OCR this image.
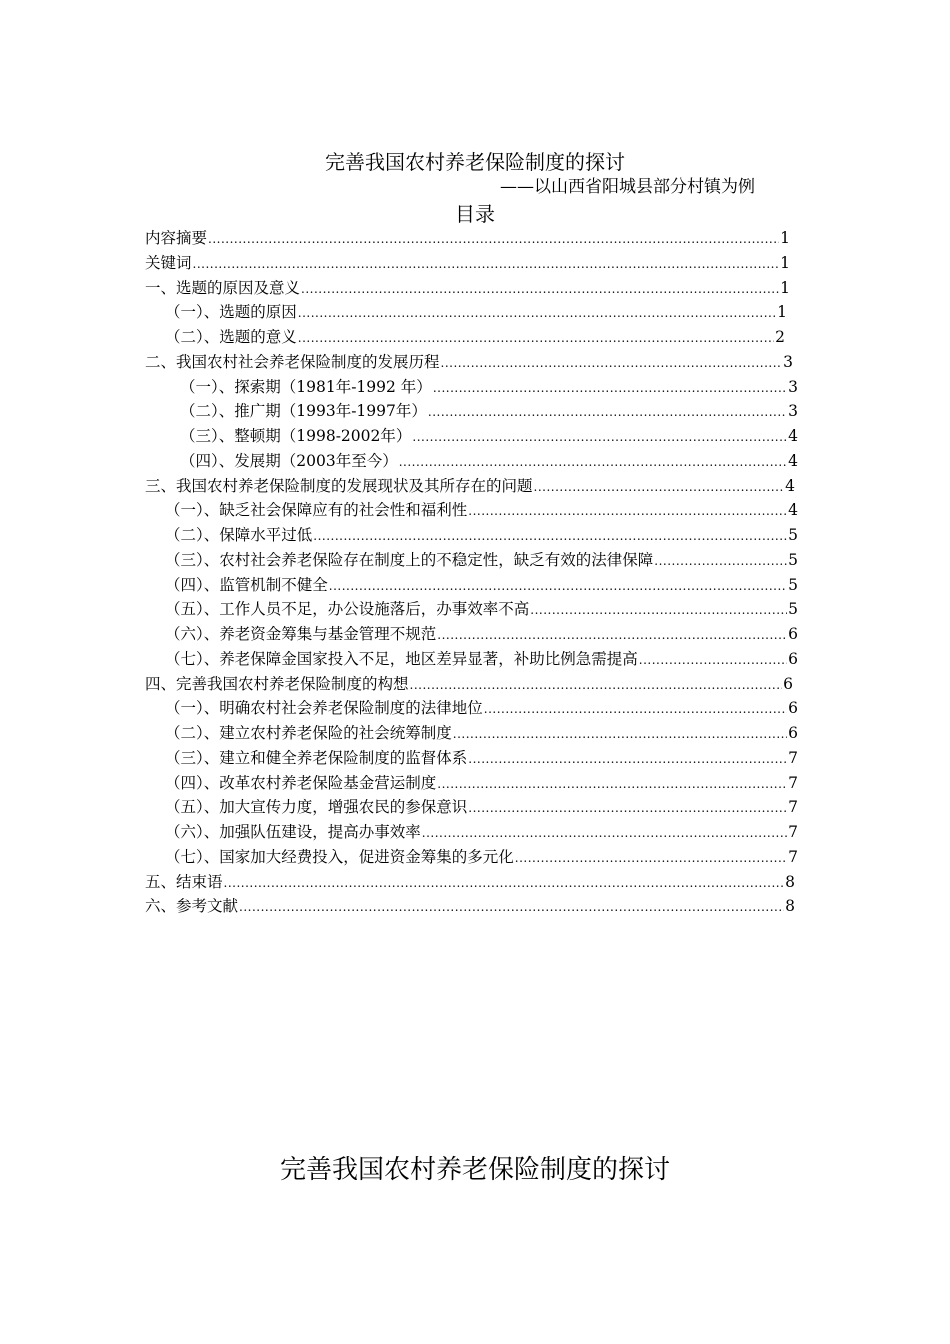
完善我国农村养老保险制度的探讨
——以山西省阳城县部分村镇为例
目录
内容摘要 .....	1
关键词 .....	1
一、选题的原因及意义 .....	1
（一）、选题的原因 .....	1
（二）、选题的意义 .....	2
二、我国农村社会养老保险制度的发展历程 .....	3
（一）、探索期（1981年-1992 年） .....	3
（二）、推广期（1993年-1997年） .....	3
（三）、整顿期（1998-2002年） .....	4
（四）、发展期（2003年至今） .....	4
三、我国农村养老保险制度的发展现状及其所存在的问题 .....	4
（一）、缺乏社会保障应有的社会性和福利性 .....	4
（二）、保障水平过低 .....	5
（三）、农村社会养老保险存在制度上的不稳定性，缺乏有效的法律保障 .....	5
（四）、监管机制不健全 .....	5
（五）、工作人员不足，办公设施落后，办事效率不高 .....	5
（六）、养老资金筹集与基金管理不规范 .....	6
（七）、养老保障金国家投入不足，地区差异显著，补助比例急需提高 .....	6
四、完善我国农村养老保险制度的构想 .....	6
（一）、明确农村社会养老保险制度的法律地位 .....	6
（二）、建立农村养老保险的社会统筹制度 .....	6
（三）、建立和健全养老保险制度的监督体系 .....	7
（四）、改革农村养老保险基金营运制度 .....	7
（五）、加大宣传力度，增强农民的参保意识 .....	7
（六）、加强队伍建设，提高办事效率 .....	7
（七）、国家加大经费投入，促进资金筹集的多元化 .....	7
五、结束语 .....	8
六、参考文献 .....	8
完善我国农村养老保险制度的探讨
